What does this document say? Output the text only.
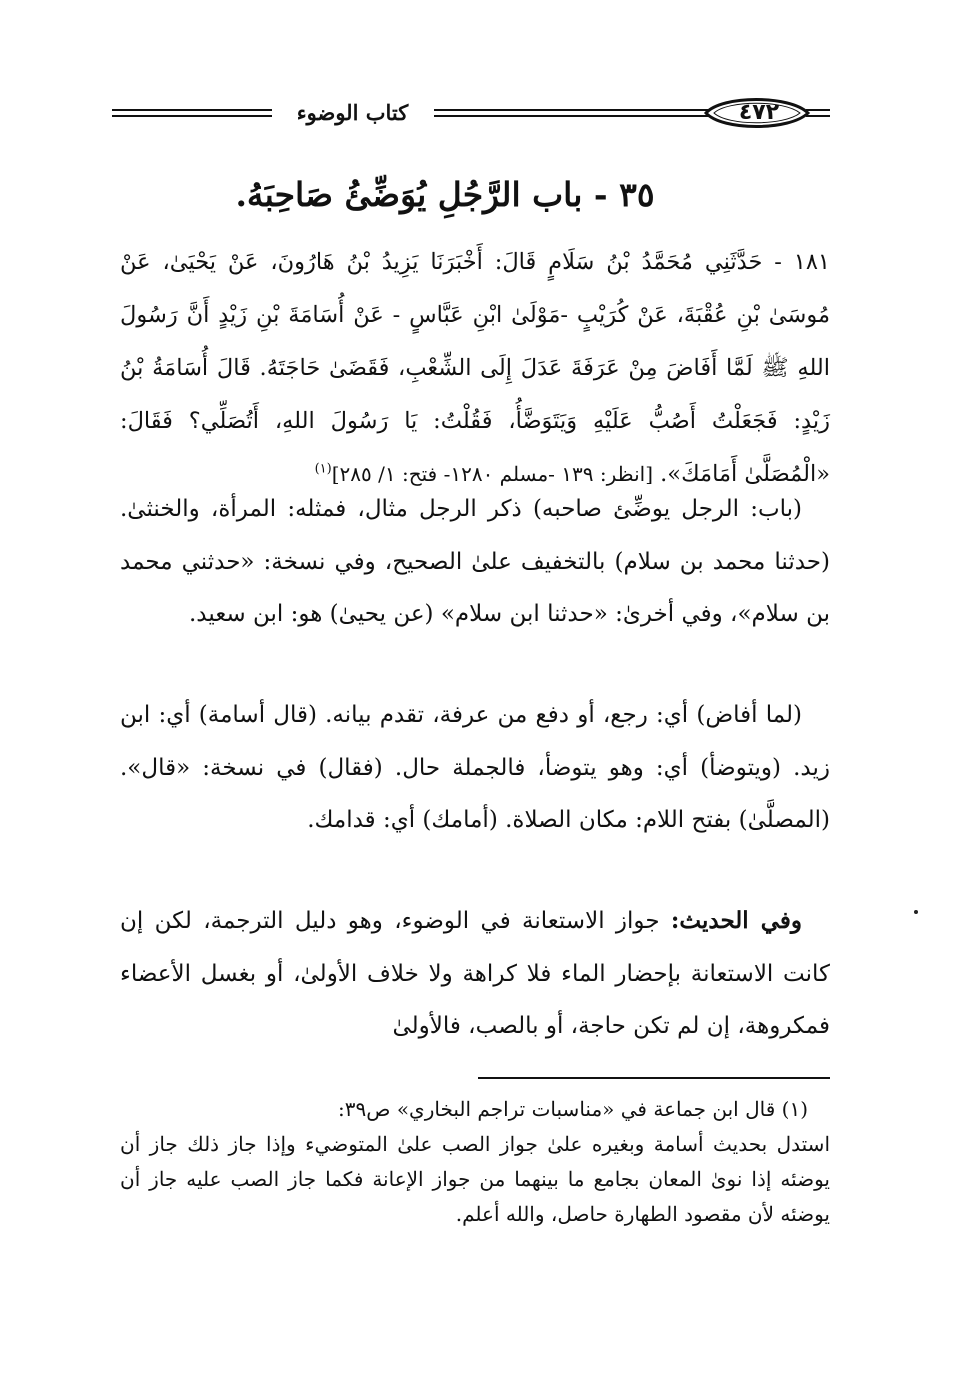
كتاب الوضوء	٤٧٢
٣٥ - باب الرَّجُلِ يُوَضِّئُ صَاحِبَهُ.
١٨١ - حَدَّثَنِي مُحَمَّدُ بْنُ سَلَامٍ قَالَ: أَخْبَرَنَا يَزِيدُ بْنُ هَارُونَ، عَنْ يَحْيَىٰ، عَنْ مُوسَىٰ بْنِ عُقْبَةَ، عَنْ كُرَيْبٍ -مَوْلَىٰ ابْنِ عَبَّاسٍ - عَنْ أُسَامَةَ بْنِ زَيْدٍ أَنَّ رَسُولَ اللهِ ﷺ لَمَّا أَفَاضَ مِنْ عَرَفَةَ عَدَلَ إِلَى الشِّعْبِ، فَقَضَىٰ حَاجَتَهُ. قَالَ أُسَامَةُ بْنُ زَيْدٍ: فَجَعَلْتُ أَصُبُّ عَلَيْهِ وَيَتَوَضَّأُ، فَقُلْتُ: يَا رَسُولَ اللهِ، أَتُصَلِّي؟ فَقَالَ: «الْمُصَلَّىٰ أَمَامَكَ». [انظر: ١٣٩ -مسلم ١٢٨٠- فتح: ١/ ٢٨٥]$^{(١)}$
(باب: الرجل يوضِّئ صاحبه) ذكر الرجل مثال، فمثله: المرأة، والخنثىٰ. (حدثنا محمد بن سلام) بالتخفيف علىٰ الصحيح، وفي نسخة: «حدثني محمد بن سلام»، وفي أخرىٰ: «حدثنا ابن سلام» (عن يحيىٰ) هو: ابن سعيد.
(لما أفاض) أي: رجع، أو دفع من عرفة، تقدم بيانه. (قال أسامة) أي: ابن زيد. (ويتوضأ) أي: وهو يتوضأ، فالجملة حال. (فقال) في نسخة: «قال». (المصلَّىٰ) بفتح اللام: مكان الصلاة. (أمامك) أي: قدامك.
وفي الحديث: جواز الاستعانة في الوضوء، وهو دليل الترجمة، لكن إن كانت الاستعانة بإحضار الماء فلا كراهة ولا خلاف الأولىٰ، أو بغسل الأعضاء فمكروهة، إن لم تكن حاجة، أو بالصب، فالأولىٰ
(١) قال ابن جماعة في «مناسبات تراجم البخاري» ص٣٩:
استدل بحديث أسامة وبغيره علىٰ جواز الصب علىٰ المتوضيء وإذا جاز ذلك جاز أن يوضئه إذا نوىٰ المعان بجامع ما بينهما من جواز الإعانة فكما جاز الصب عليه جاز أن يوضئه لأن مقصود الطهارة حاصل، والله أعلم.
